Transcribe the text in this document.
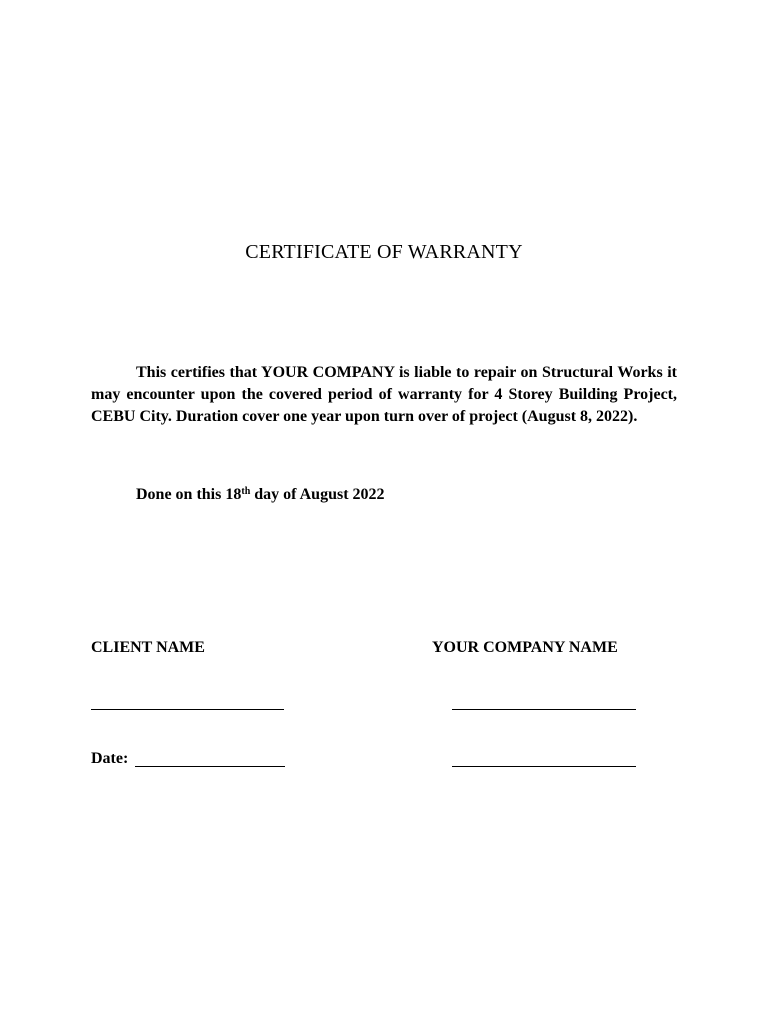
CERTIFICATE OF WARRANTY

This certifies that YOUR COMPANY is liable to repair on Structural Works it may encounter upon the covered period of warranty for 4 Storey Building Project, CEBU City. Duration cover one year upon turn over of project (August 8, 2022).

Done on this 18th day of August 2022

CLIENT NAME	YOUR COMPANY NAME
Date:
